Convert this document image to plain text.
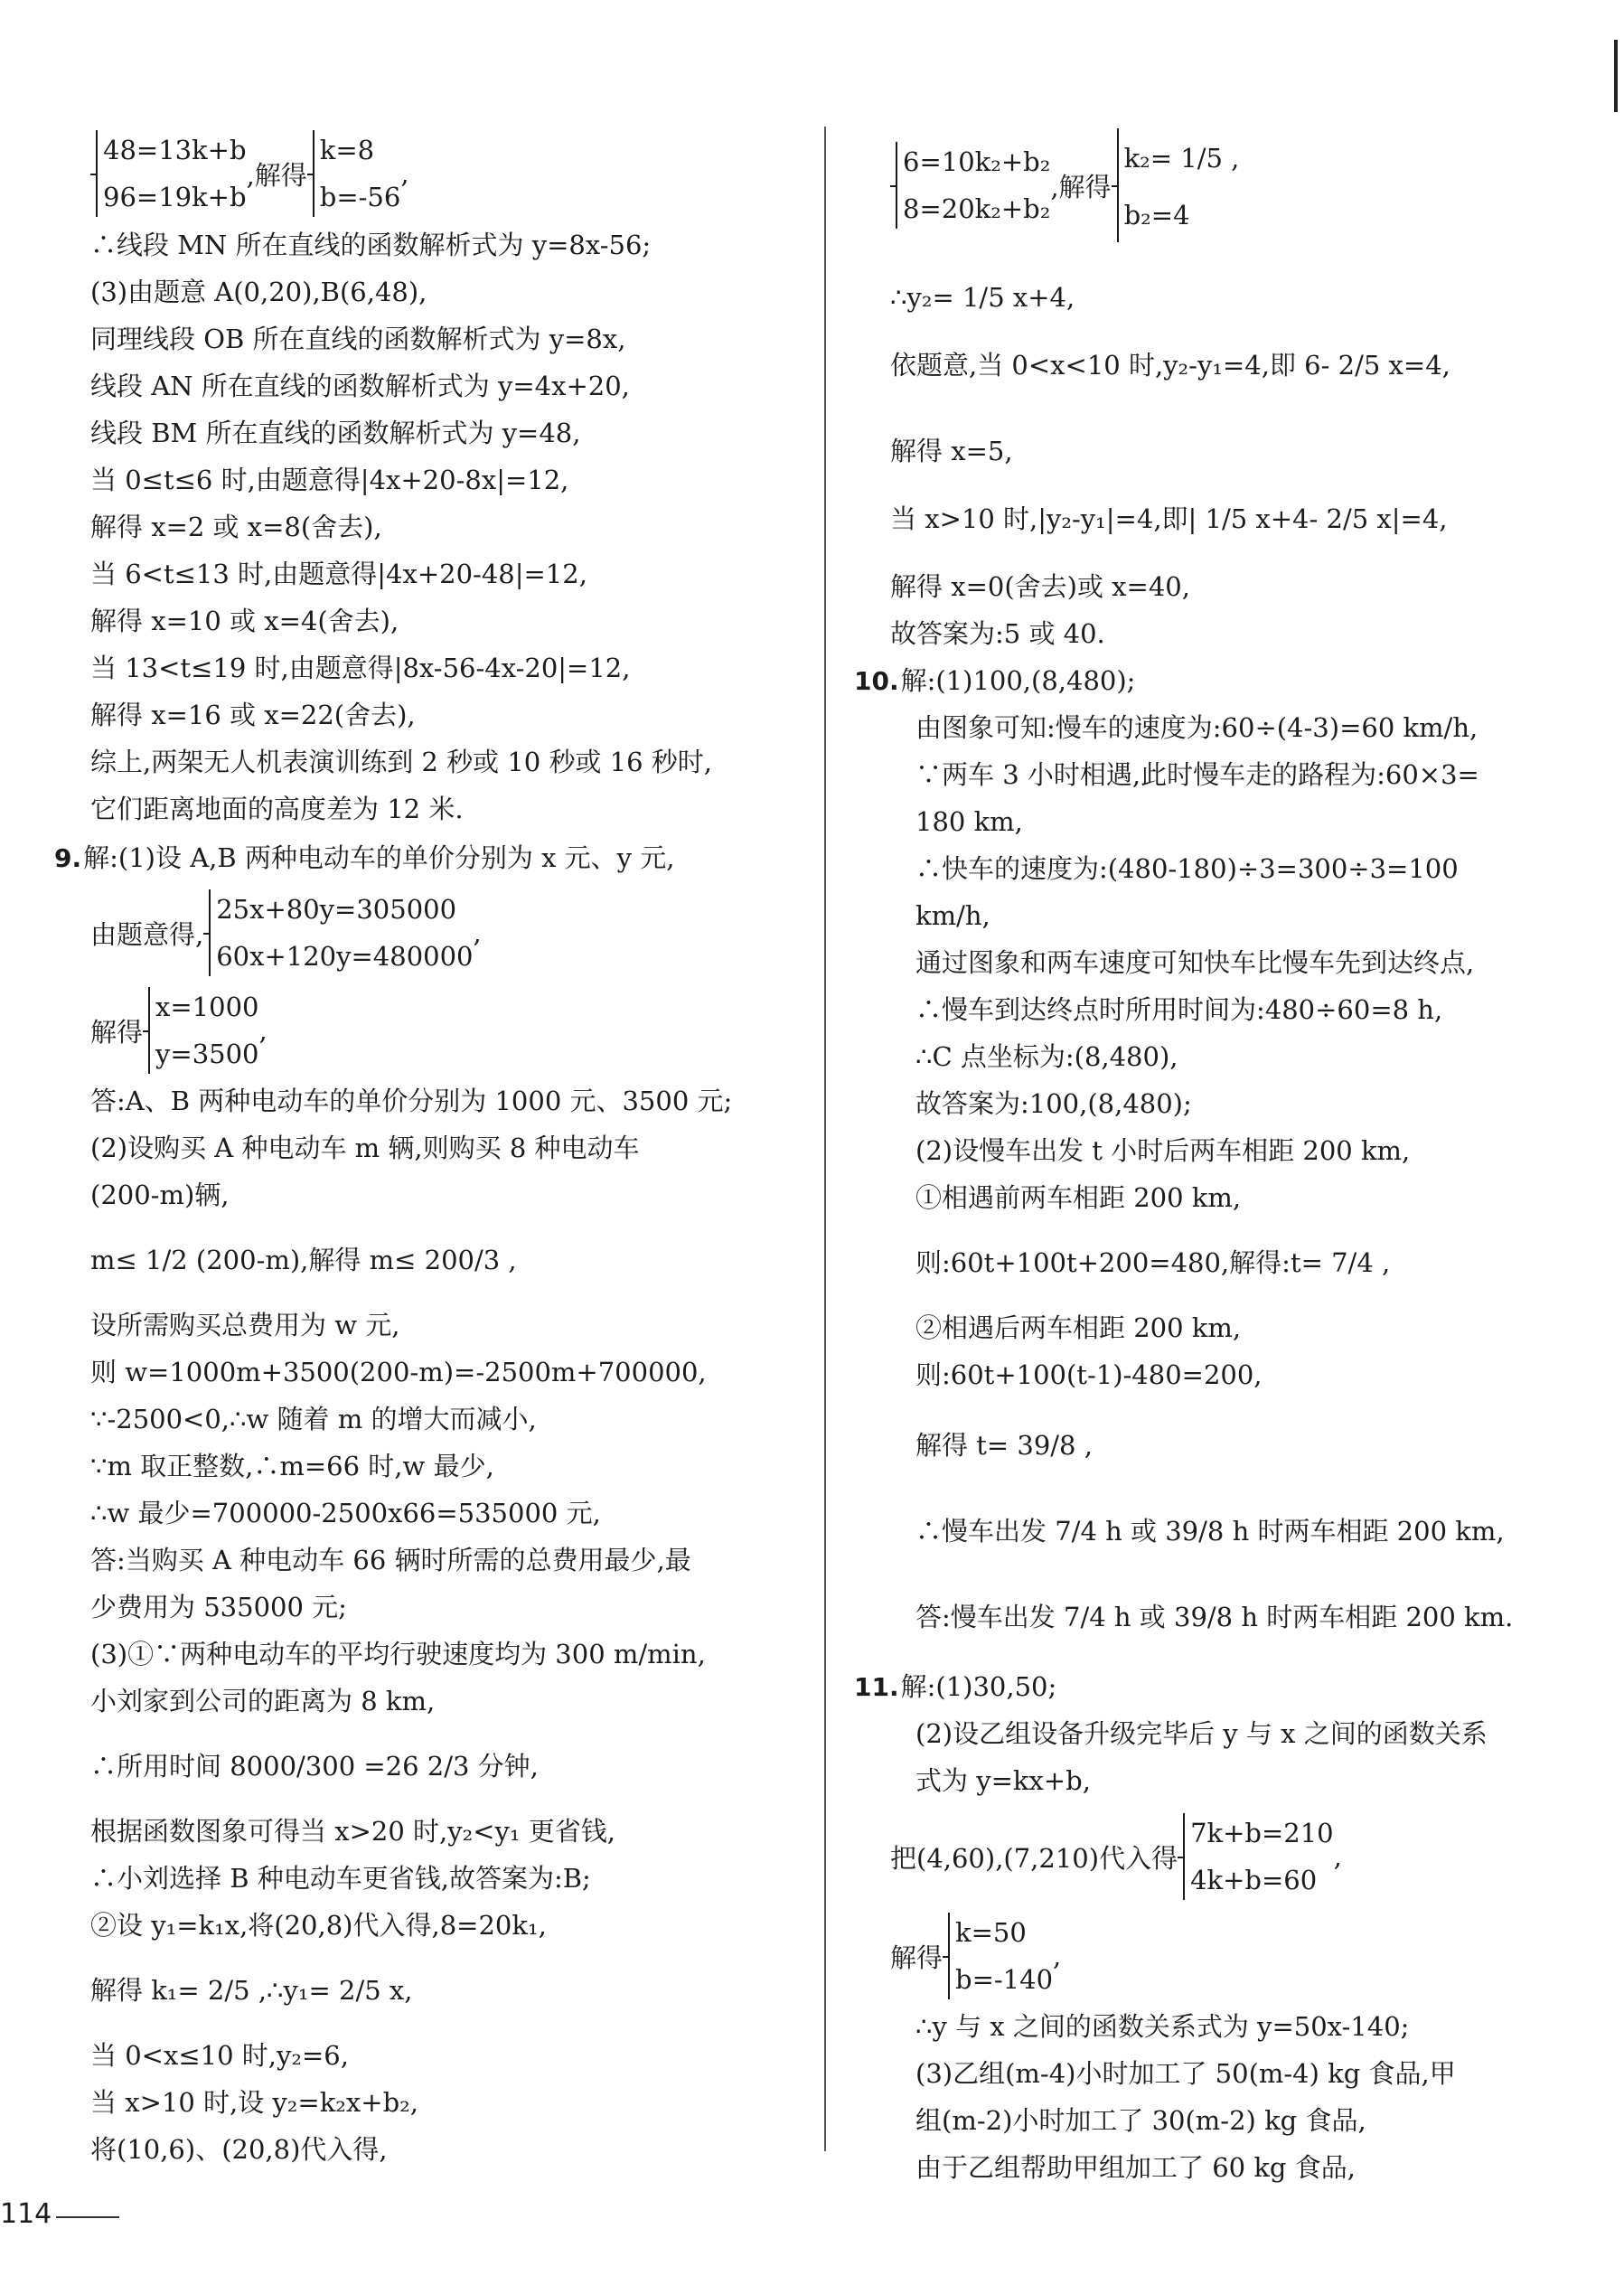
48=13k+b
96=19k+b
,解得
k=8
b=-56
,
∴线段 MN 所在直线的函数解析式为 y=8x-56;
(3)由题意 A(0,20),B(6,48),
同理线段 OB 所在直线的函数解析式为 y=8x,
线段 AN 所在直线的函数解析式为 y=4x+20,
线段 BM 所在直线的函数解析式为 y=48,
当 0≤t≤6 时,由题意得|4x+20-8x|=12,
解得 x=2 或 x=8(舍去),
当 6<t≤13 时,由题意得|4x+20-48|=12,
解得 x=10 或 x=4(舍去),
当 13<t≤19 时,由题意得|8x-56-4x-20|=12,
解得 x=16 或 x=22(舍去),
综上,两架无人机表演训练到 2 秒或 10 秒或 16 秒时,
它们距离地面的高度差为 12 米.
9.解:(1)设 A,B 两种电动车的单价分别为 x 元、y 元,
由题意得,
25x+80y=305000
60x+120y=480000
,
解得
x=1000
y=3500
,
答:A、B 两种电动车的单价分别为 1000 元、3500 元;
(2)设购买 A 种电动车 m 辆,则购买 8 种电动车
(200-m)辆,
m≤ 1/2 (200-m),解得 m≤ 200/3 ,
设所需购买总费用为 w 元,
则 w=1000m+3500(200-m)=-2500m+700000,
∵-2500<0,∴w 随着 m 的增大而减小,
∵m 取正整数,∴m=66 时,w 最少,
∴w 最少=700000-2500x66=535000 元,
答:当购买 A 种电动车 66 辆时所需的总费用最少,最
少费用为 535000 元;
(3)①∵两种电动车的平均行驶速度均为 300 m/min,
小刘家到公司的距离为 8 km,
∴所用时间 8000/300 =26 2/3 分钟,
根据函数图象可得当 x>20 时,y₂<y₁ 更省钱,
∴小刘选择 B 种电动车更省钱,故答案为:B;
②设 y₁=k₁x,将(20,8)代入得,8=20k₁,
解得 k₁= 2/5 ,∴y₁= 2/5 x,
当 0<x≤10 时,y₂=6,
当 x>10 时,设 y₂=k₂x+b₂,
将(10,6)、(20,8)代入得,
6=10k₂+b₂
8=20k₂+b₂
,解得
k₂= 1/5 ,
b₂=4
∴y₂= 1/5 x+4,
依题意,当 0<x<10 时,y₂-y₁=4,即 6- 2/5 x=4,
解得 x=5,
当 x>10 时,|y₂-y₁|=4,即| 1/5 x+4- 2/5 x|=4,
解得 x=0(舍去)或 x=40,
故答案为:5 或 40.
10.解:(1)100,(8,480);
由图象可知:慢车的速度为:60÷(4-3)=60 km/h,
∵两车 3 小时相遇,此时慢车走的路程为:60×3=
180 km,
∴快车的速度为:(480-180)÷3=300÷3=100
km/h,
通过图象和两车速度可知快车比慢车先到达终点,
∴慢车到达终点时所用时间为:480÷60=8 h,
∴C 点坐标为:(8,480),
故答案为:100,(8,480);
(2)设慢车出发 t 小时后两车相距 200 km,
①相遇前两车相距 200 km,
则:60t+100t+200=480,解得:t= 7/4 ,
②相遇后两车相距 200 km,
则:60t+100(t-1)-480=200,
解得 t= 39/8 ,
∴慢车出发 7/4 h 或 39/8 h 时两车相距 200 km,
答:慢车出发 7/4 h 或 39/8 h 时两车相距 200 km.
11.解:(1)30,50;
(2)设乙组设备升级完毕后 y 与 x 之间的函数关系
式为 y=kx+b,
把(4,60),(7,210)代入得
7k+b=210
4k+b=60
,
解得
k=50
b=-140
,
∴y 与 x 之间的函数关系式为 y=50x-140;
(3)乙组(m-4)小时加工了 50(m-4) kg 食品,甲
组(m-2)小时加工了 30(m-2) kg 食品,
由于乙组帮助甲组加工了 60 kg 食品,
114
